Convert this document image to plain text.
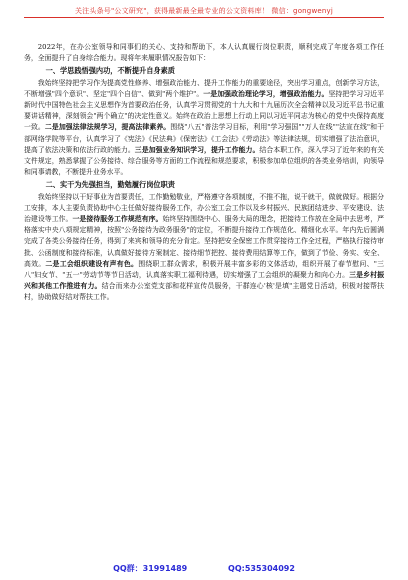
关注头条号"公文研究"，获得最新最全最专业的公文资料库！ 微信：gongwenyj

2022年，在办公室领导和同事们的关心、支持和帮助下，本人认真履行岗位职责，顺利完成了年度各项工作任务，全面提升了自身综合能力。现将年来履职情况报告如下：

一、学思践悟强内功，不断提升自身素质

我始终坚持把学习作为提高党性修养、增强政治能力、提升工作能力的重要途径，突出学习重点，创新学习方法，不断增强"四个意识"、坚定"四个自信"、做到"两个维护"。一是加强政治理论学习，增强政治能力。坚持把学习习近平新时代中国特色社会主义思想作为首要政治任务，认真学习贯彻党的十九大和十九届历次全会精神以及习近平总书记重要讲话精神，深刻领会"两个确立"的决定性意义。始终在政治上思想上行动上同以习近平同志为核心的党中央保持高度一致。二是加强法律法规学习，提高法律素养。围绕"八五"普法学习目标，利用"学习强国""万人在线""法宣在线"和干部网络学院等平台，认真学习了《宪法》《民法典》《保密法》《工会法》《劳动法》等法律法规，切实增强了法治意识，提高了依法决策和依法行政的能力。三是加强业务知识学习，提升工作能力。结合本职工作，深入学习了近年来的有关文件规定，熟悉掌握了公务接待、综合服务等方面的工作流程和规范要求，积极参加单位组织的各类业务培训，向领导和同事请教，不断提升业务水平。

二、实干为先强担当，勤勉履行岗位职责

我始终坚持以干好事业为首要责任，工作勤勉敬业，严格遵守各项制度，不推不拖，说干就干，做就做好。根据分工安排，本人主要负责协助中心主任做好接待服务工作，办公室工会工作以及乡村振兴、民族团结进步、平安建设、法治建设等工作。一是接待服务工作规范有序。始终坚持围绕中心、服务大局的理念，把接待工作放在全局中去思考，严格落实中央八项规定精神，按照"公务接待为政务服务"的定位，不断提升接待工作规范化、精细化水平。年内先后圆满完成了各类公务接待任务，得到了来宾和领导的充分肯定。坚持把安全保密工作贯穿接待工作全过程，严格执行接待审批、公函制度和接待标准，认真做好接待方案制定、接待细节把控、接待费用结算等工作，做到了节俭、务实、安全、高效。二是工会组织建设有声有色。围绕职工群众需求，积极开展丰富多彩的文体活动，组织开展了春节慰问、"三八"妇女节、"五一"劳动节等节日活动，认真落实职工福利待遇，切实增强了工会组织的凝聚力和向心力。三是乡村振兴和其他工作推进有力。结合而来办公室党支部和花样宣传员服务，干群连心'核'是填"主题党日活动，积极对接帮扶村，协助做好结对帮扶工作。

QQ群：31991489	QQ:535304092
